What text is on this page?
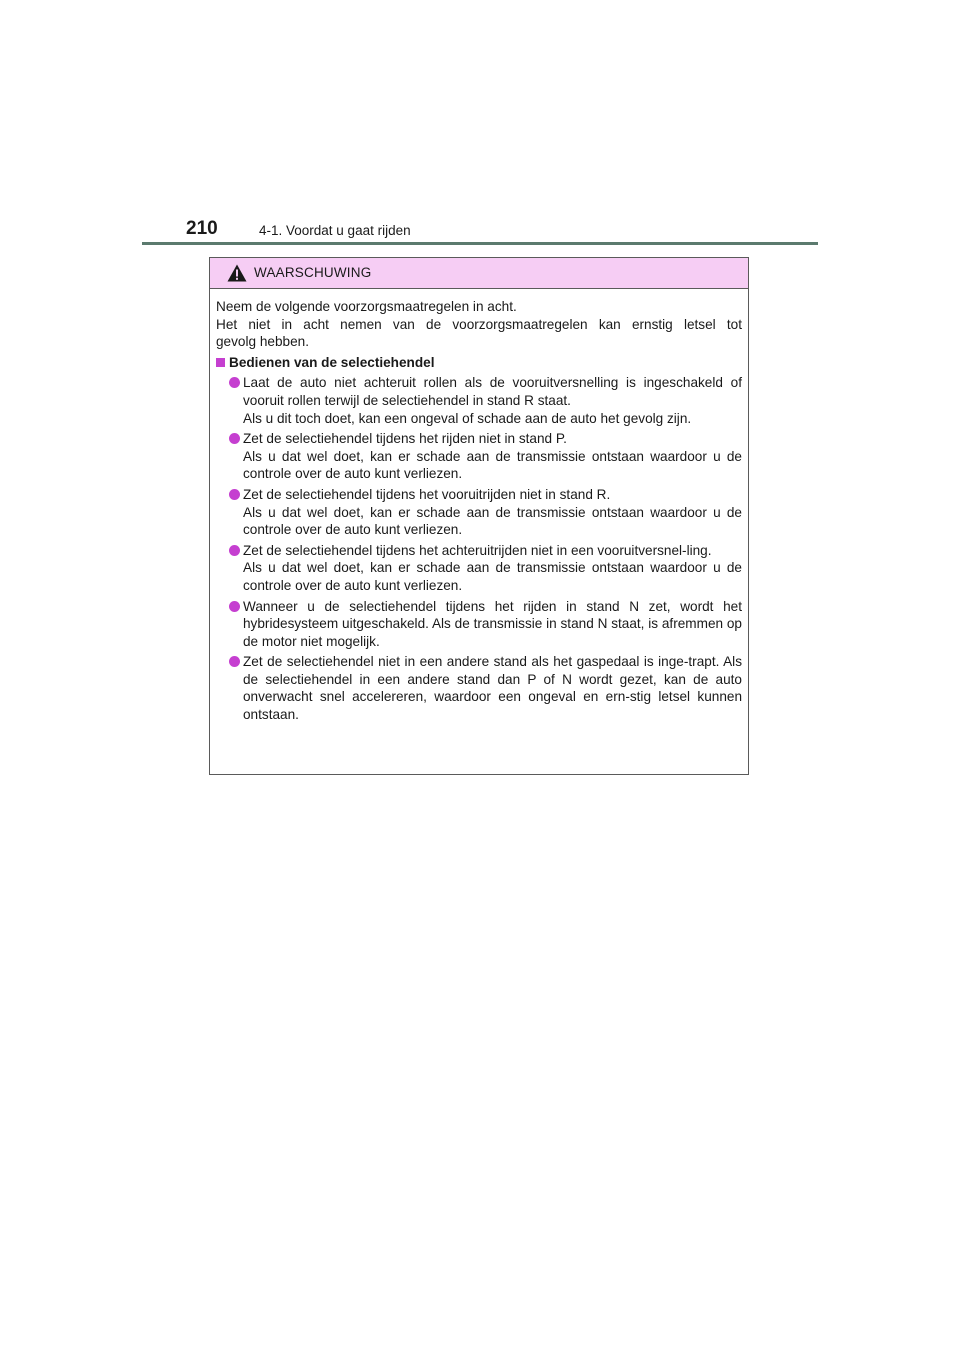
210	4-1. Voordat u gaat rijden
WAARSCHUWING

Neem de volgende voorzorgsmaatregelen in acht.

Het niet in acht nemen van de voorzorgsmaatregelen kan ernstig letsel tot

gevolg hebben.

Bedienen van de selectiehendel
Laat de auto niet achteruit rollen als de vooruitversnelling is ingeschakeld of vooruit rollen terwijl de selectiehendel in stand R staat.
Als u dit toch doet, kan een ongeval of schade aan de auto het gevolg zijn.
Zet de selectiehendel tijdens het rijden niet in stand P.
Als u dat wel doet, kan er schade aan de transmissie ontstaan waardoor u de controle over de auto kunt verliezen.
Zet de selectiehendel tijdens het vooruitrijden niet in stand R.
Als u dat wel doet, kan er schade aan de transmissie ontstaan waardoor u de controle over de auto kunt verliezen.
Zet de selectiehendel tijdens het achteruitrijden niet in een vooruitversnel-ling.
Als u dat wel doet, kan er schade aan de transmissie ontstaan waardoor u de controle over de auto kunt verliezen.
Wanneer u de selectiehendel tijdens het rijden in stand N zet, wordt het hybridesysteem uitgeschakeld. Als de transmissie in stand N staat, is afremmen op de motor niet mogelijk.
Zet de selectiehendel niet in een andere stand als het gaspedaal is inge-trapt. Als de selectiehendel in een andere stand dan P of N wordt gezet, kan de auto onverwacht snel accelereren, waardoor een ongeval en ern-stig letsel kunnen ontstaan.
